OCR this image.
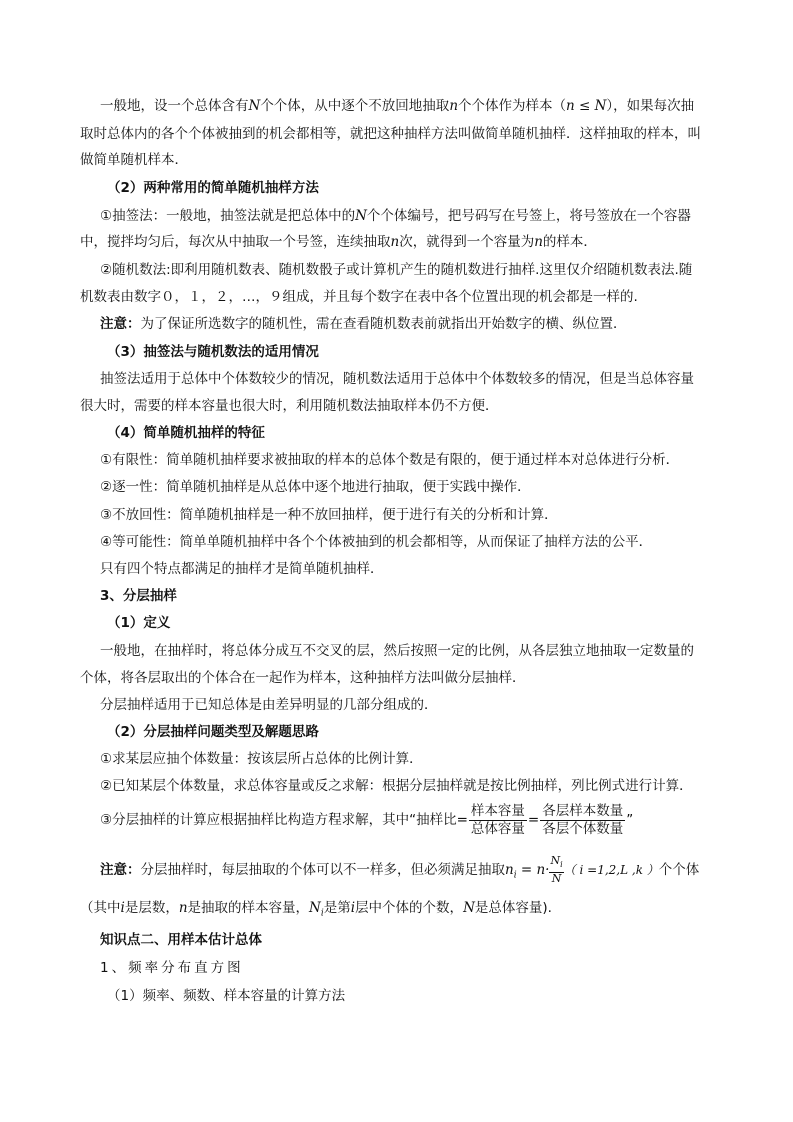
一般地，设一个总体含有N个个体，从中逐个不放回地抽取n个个体作为样本（n ≤ N），如果每次抽
取时总体内的各个个体被抽到的机会都相等，就把这种抽样方法叫做简单随机抽样．这样抽取的样本，叫
做简单随机样本．
（2）两种常用的简单随机抽样方法
①抽签法：一般地，抽签法就是把总体中的N个个体编号，把号码写在号签上，将号签放在一个容器
中，搅拌均匀后，每次从中抽取一个号签，连续抽取n次，就得到一个容量为n的样本．
②随机数法:即利用随机数表、随机数骰子或计算机产生的随机数进行抽样.这里仅介绍随机数表法.随
机数表由数字０，１，２，…，９组成，并且每个数字在表中各个位置出现的机会都是一样的.
注意：为了保证所选数字的随机性，需在查看随机数表前就指出开始数字的横、纵位置．
（3）抽签法与随机数法的适用情况
抽签法适用于总体中个体数较少的情况，随机数法适用于总体中个体数较多的情况，但是当总体容量
很大时，需要的样本容量也很大时，利用随机数法抽取样本仍不方便．
（4）简单随机抽样的特征
①有限性：简单随机抽样要求被抽取的样本的总体个数是有限的，便于通过样本对总体进行分析．
②逐一性：简单随机抽样是从总体中逐个地进行抽取，便于实践中操作．
③不放回性：简单随机抽样是一种不放回抽样，便于进行有关的分析和计算．
④等可能性：简单单随机抽样中各个个体被抽到的机会都相等，从而保证了抽样方法的公平．
只有四个特点都满足的抽样才是简单随机抽样．
3、分层抽样
（1）定义
一般地，在抽样时，将总体分成互不交叉的层，然后按照一定的比例，从各层独立地抽取一定数量的
个体，将各层取出的个体合在一起作为样本，这种抽样方法叫做分层抽样．
分层抽样适用于已知总体是由差异明显的几部分组成的．
（2）分层抽样问题类型及解题思路
①求某层应抽个体数量：按该层所占总体的比例计算．
②已知某层个体数量，求总体容量或反之求解：根据分层抽样就是按比例抽样，列比例式进行计算．
③分层抽样的计算应根据抽样比构造方程求解，其中“抽样比= $\frac{\text{样本容量}}{\text{总体容量}} = \frac{\text{各层样本数量}}{\text{各层个体数量}}$ ”
注意：分层抽样时，每层抽取的个体可以不一样多，但必须满足抽取$n_i = n\cdot \frac{N_i}{N}$ （ i =1,2,L ,k ）个个体
（其中i是层数，n是抽取的样本容量，$N_i$是第i层中个体的个数，N是总体容量).
知识点二、用样本估计总体
1、频率分布直方图
（1）频率、频数、样本容量的计算方法
